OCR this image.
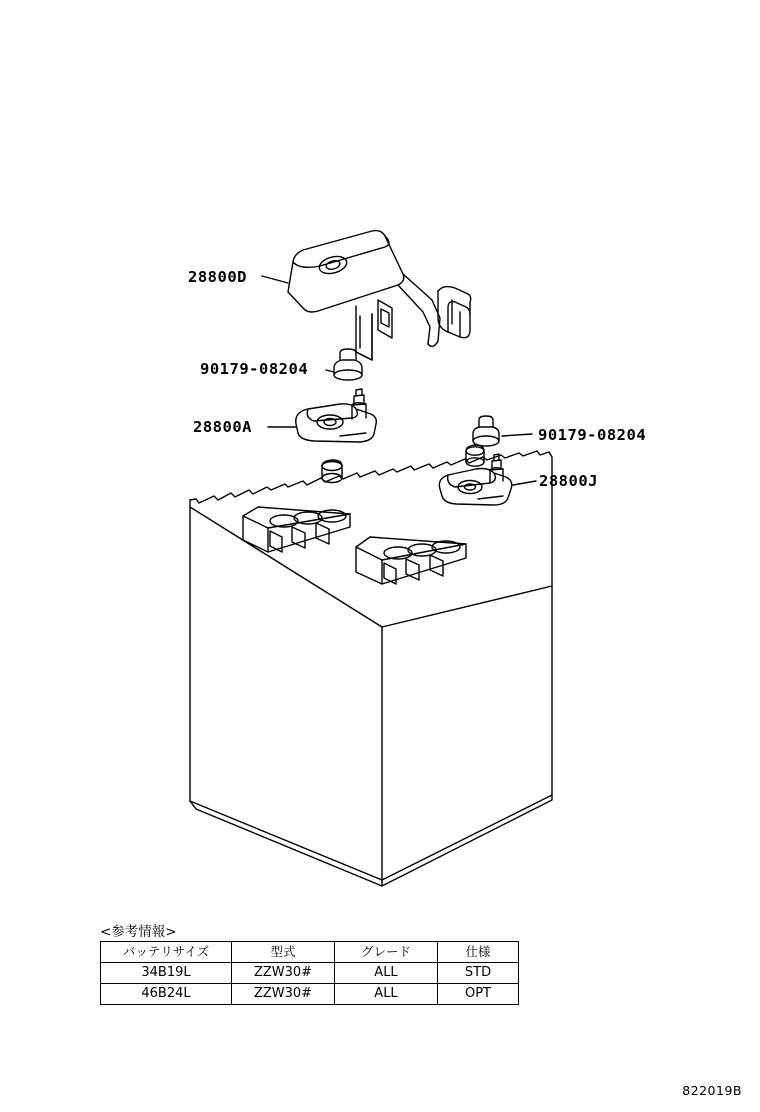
28800D
90179-08204
28800A	90179-08204
28800J
<参考情報>
バッテリサイズ	型式	グレード	仕様
34B19L	ZZW30#	ALL	STD
46B24L	ZZW30#	ALL	OPT
822019B
